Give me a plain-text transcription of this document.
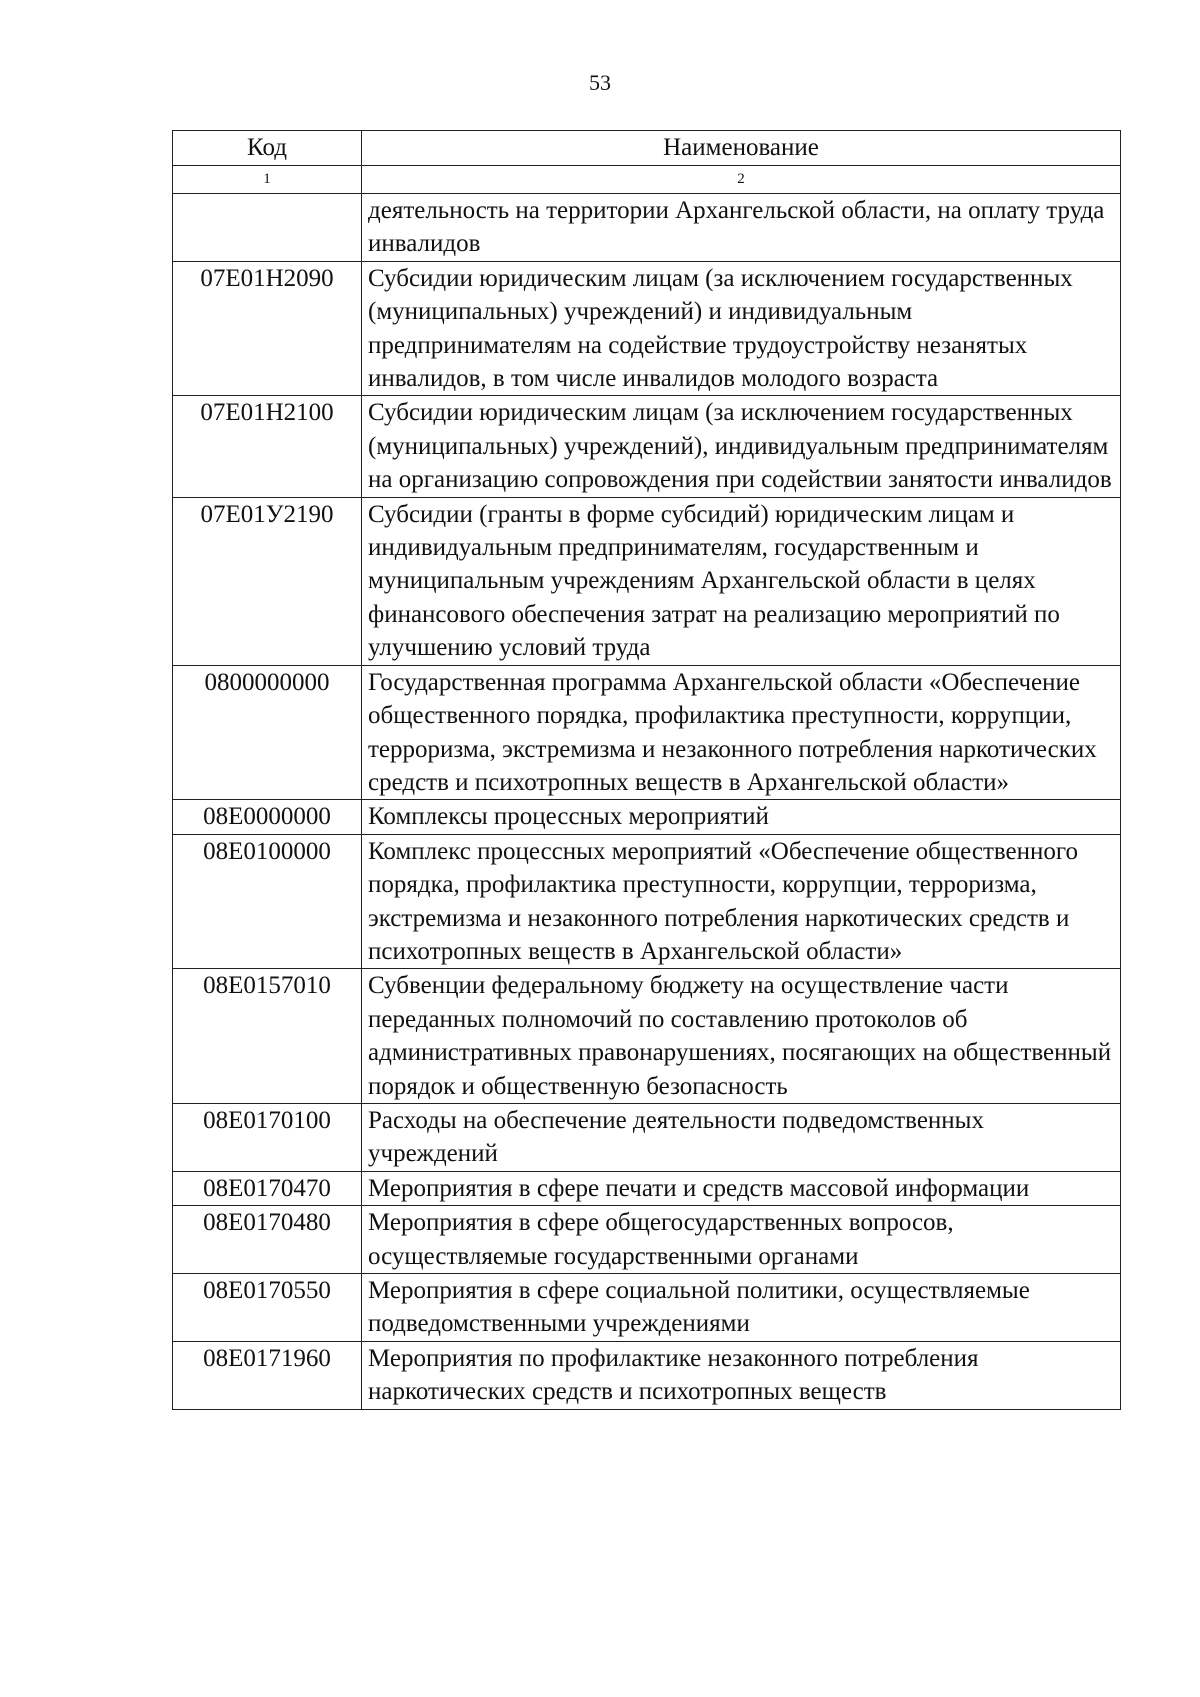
53
Код	Наименование
1	2
	деятельность на территории Архангельской области, на оплату труда инвалидов
07Е01Н2090	Субсидии юридическим лицам (за исключением государственных (муниципальных) учреждений) и индивидуальным предпринимателям на содействие трудоустройству незанятых инвалидов, в том числе инвалидов молодого возраста
07Е01Н2100	Субсидии юридическим лицам (за исключением государственных (муниципальных) учреждений), индивидуальным предпринимателям на организацию сопровождения при содействии занятости инвалидов
07Е01У2190	Субсидии (гранты в форме субсидий) юридическим лицам и индивидуальным предпринимателям, государственным и муниципальным учреждениям Архангельской области в целях финансового обеспечения затрат на реализацию мероприятий по улучшению условий труда
0800000000	Государственная программа Архангельской области «Обеспечение общественного порядка, профилактика преступности, коррупции, терроризма, экстремизма и незаконного потребления наркотических средств и психотропных веществ в Архангельской области»
08Е0000000	Комплексы процессных мероприятий
08Е0100000	Комплекс процессных мероприятий «Обеспечение общественного порядка, профилактика преступности, коррупции, терроризма, экстремизма и незаконного потребления наркотических средств и психотропных веществ в Архангельской области»
08Е0157010	Субвенции федеральному бюджету на осуществление части переданных полномочий по составлению протоколов об административных правонарушениях, посягающих на общественный порядок и общественную безопасность
08Е0170100	Расходы на обеспечение деятельности подведомственных учреждений
08Е0170470	Мероприятия в сфере печати и средств массовой информации
08Е0170480	Мероприятия в сфере общегосударственных вопросов, осуществляемые государственными органами
08Е0170550	Мероприятия в сфере социальной политики, осуществляемые подведомственными учреждениями
08Е0171960	Мероприятия по профилактике незаконного потребления наркотических средств и психотропных веществ
